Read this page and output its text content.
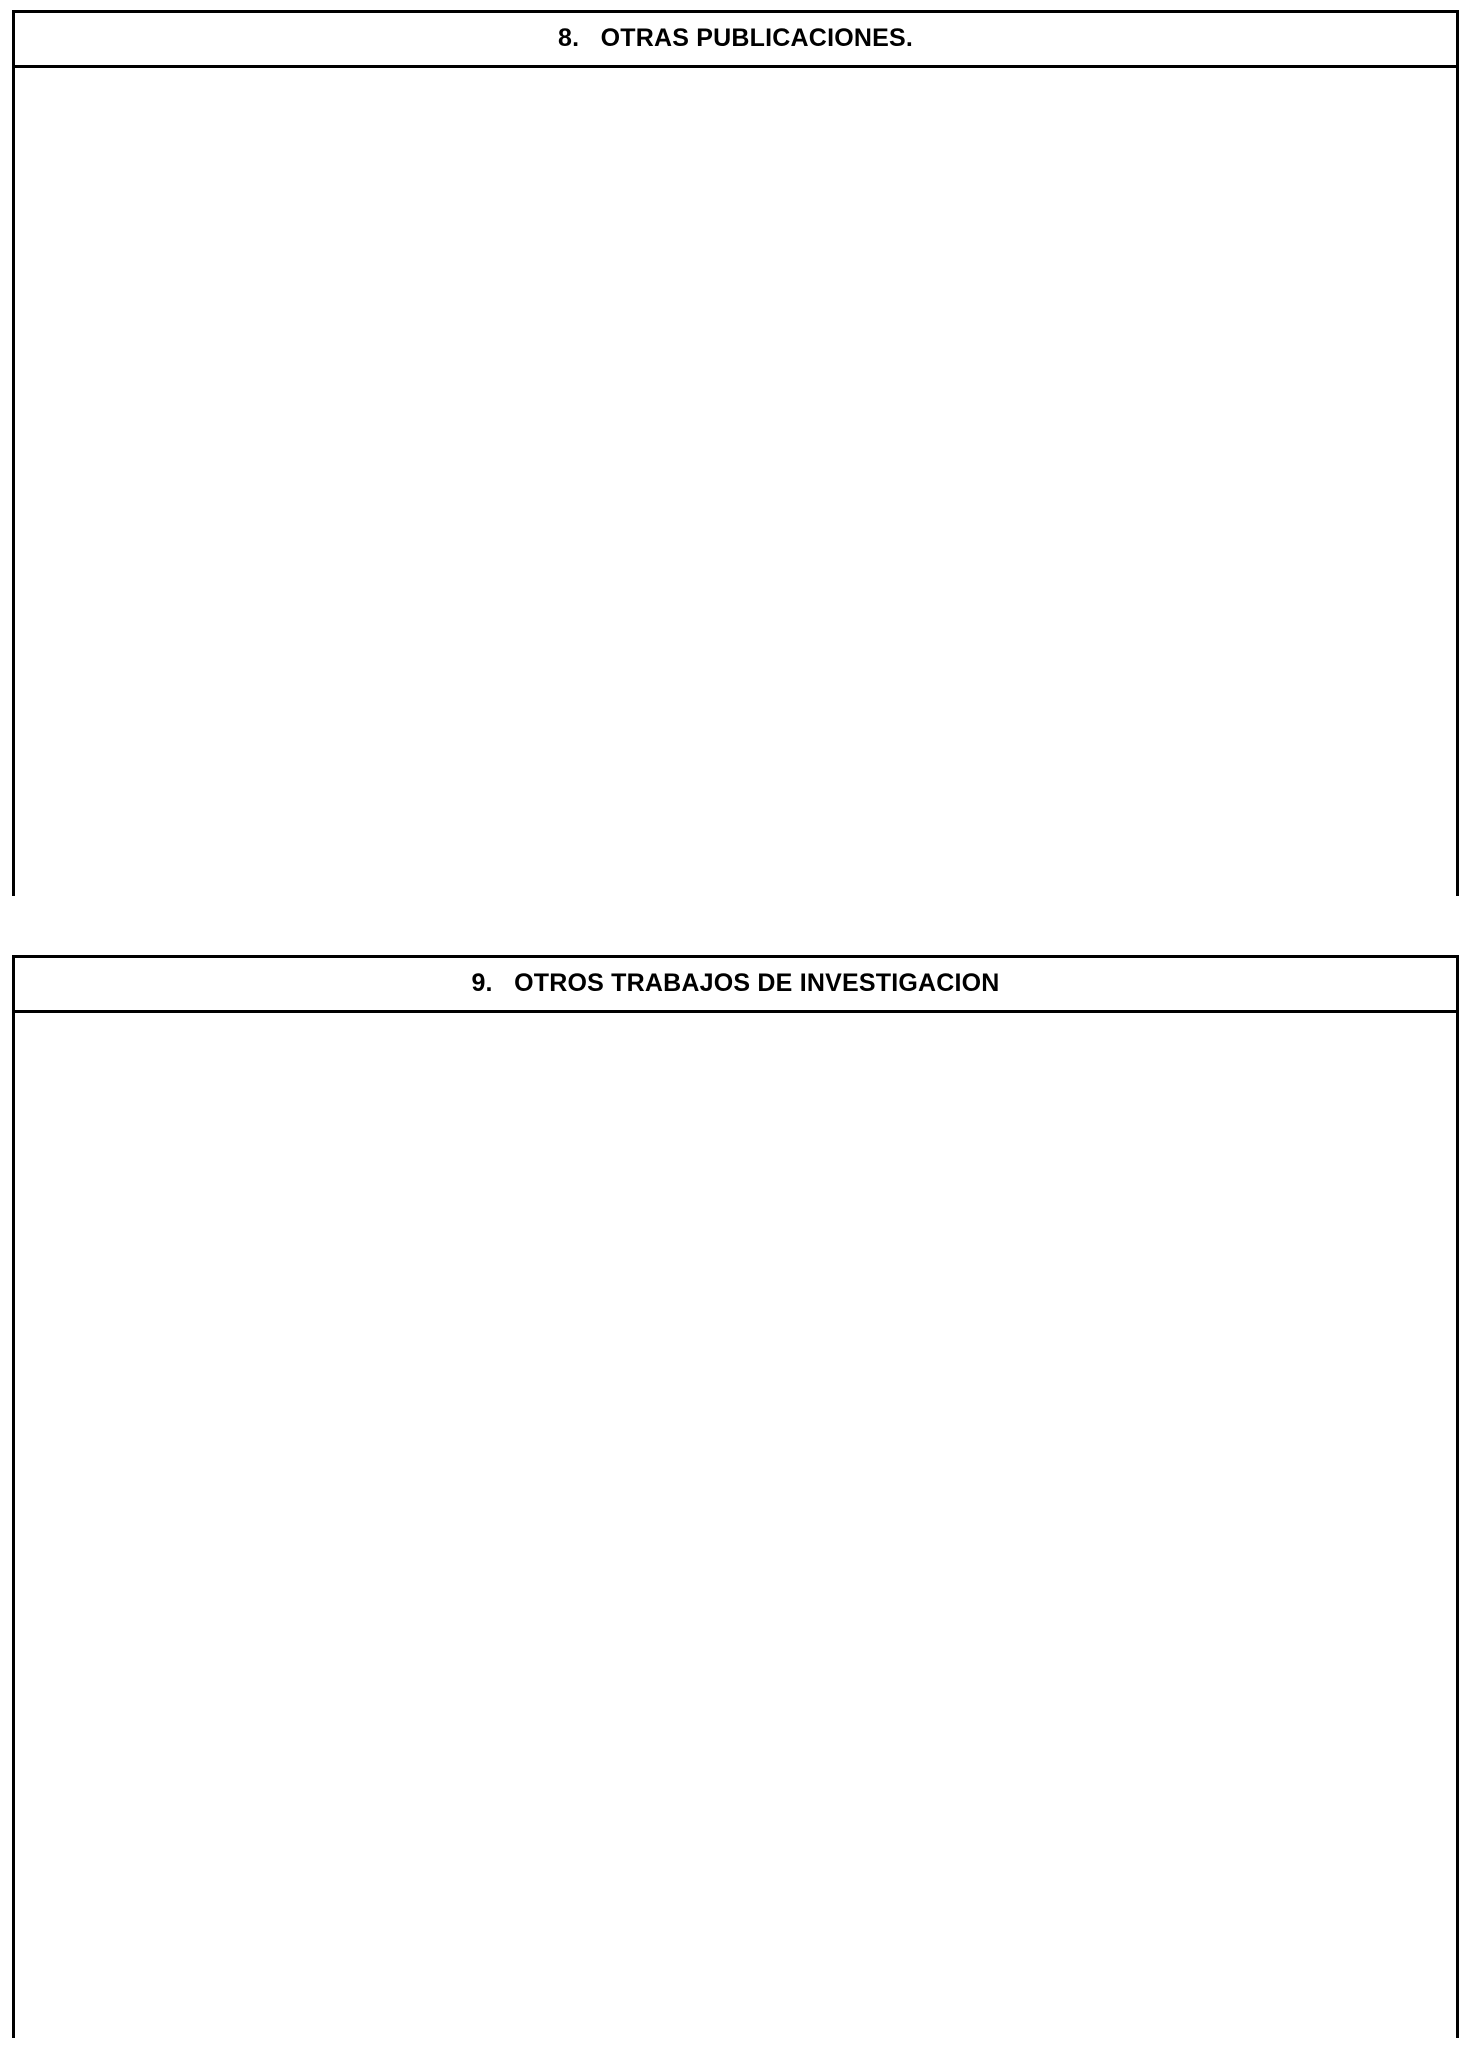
8.   OTRAS PUBLICACIONES.
9.   OTROS TRABAJOS DE INVESTIGACION
